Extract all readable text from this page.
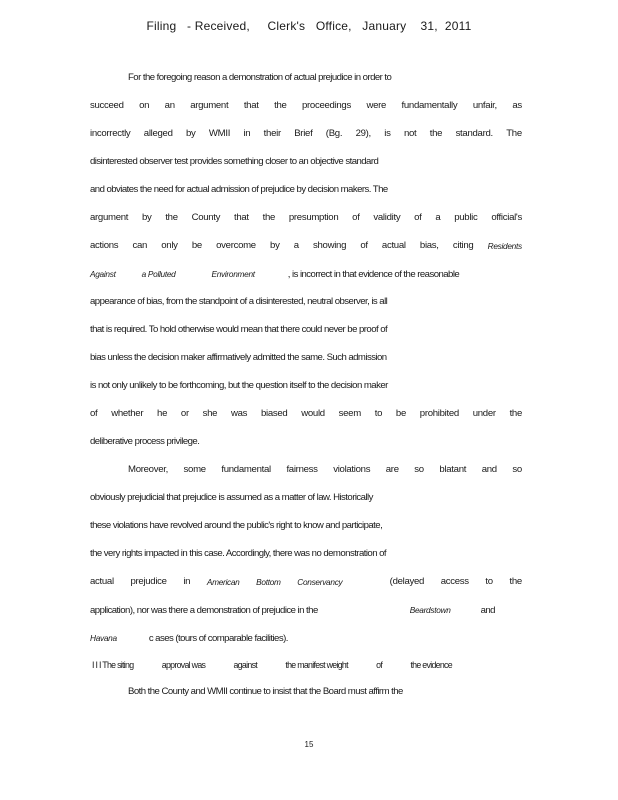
Filing   - Received,     Clerk's   Office,   January    31,  2011
For the foregoing reason a demonstration of actual prejudice in order to
succeed on an argument that the proceedings were fundamentally unfair, as
incorrectly alleged by WMII in their Brief (Bg. 29), is not the standard. The
disinterested observer test provides something closer to an objective standard
and obviates the need for actual admission of prejudice by decision makers. The
argument by the County that the presumption of validity of a public official's
actions can only be overcome by a showing of actual bias, citing Residents
Against	a Polluted	Environment	, is incorrect in that evidence of the reasonable
appearance of bias, from the standpoint of a disinterested, neutral observer, is all
that is required. To hold otherwise would mean that there could never be proof of
bias unless the decision maker affirmatively admitted the same. Such admission
is not only unlikely to be forthcoming, but the question itself to the decision maker
of whether he or she was biased would seem to be prohibited under the
deliberative process privilege.
Moreover, some fundamental fairness violations are so blatant and so
obviously prejudicial that prejudice is assumed as a matter of law. Historically
these violations have revolved around the public's right to know and participate,
the very rights impacted in this case. Accordingly, there was no demonstration of
actual prejudice in American Bottom Conservancy	(delayed access to the
application), nor was there a demonstration of prejudice in the	Beardstown	and
Havana	c ases (tours of comparable facilities).
I I I The siting	approval was	against	the manifest weight	of	the evidence
Both the County and WMII continue to insist that the Board must affirm the
15
